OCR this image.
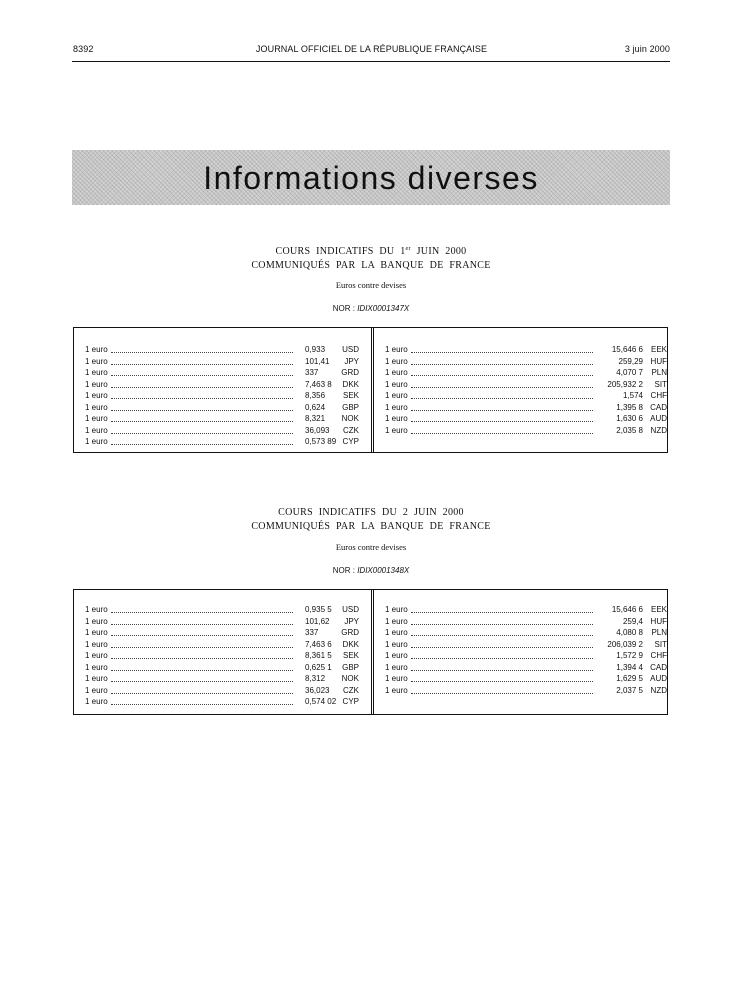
8392	JOURNAL OFFICIEL DE LA RÉPUBLIQUE FRANÇAISE	3 juin 2000
Informations diverses
COURS INDICATIFS DU 1er JUIN 2000
COMMUNIQUÉS PAR LA BANQUE DE FRANCE
Euros contre devises
NOR : IDIX0001347X
1 euro	0,933	USD
1 euro	101,41	JPY
1 euro	337	GRD
1 euro	7,463 8	DKK
1 euro	8,356	SEK
1 euro	0,624	GBP
1 euro	8,321	NOK
1 euro	36,093	CZK
1 euro	0,573 89 CYP
1 euro	15,646 6 EEK
1 euro	259,29 HUF
1 euro	4,070 7	PLN
1 euro	205,932 2	SIT
1 euro	1,574 CHF
1 euro	1,395 8 CAD
1 euro	1,630 6 AUD
1 euro	2,035 8 NZD
COURS INDICATIFS DU 2 JUIN 2000
COMMUNIQUÉS PAR LA BANQUE DE FRANCE
Euros contre devises
NOR : IDIX0001348X
1 euro	0,935 5	USD
1 euro	101,62	JPY
1 euro	337	GRD
1 euro	7,463 6	DKK
1 euro	8,361 5	SEK
1 euro	0,625 1	GBP
1 euro	8,312	NOK
1 euro	36,023	CZK
1 euro	0,574 02 CYP
1 euro	15,646 6 EEK
1 euro	259,4 HUF
1 euro	4,080 8	PLN
1 euro	206,039 2	SIT
1 euro	1,572 9 CHF
1 euro	1,394 4 CAD
1 euro	1,629 5 AUD
1 euro	2,037 5 NZD
